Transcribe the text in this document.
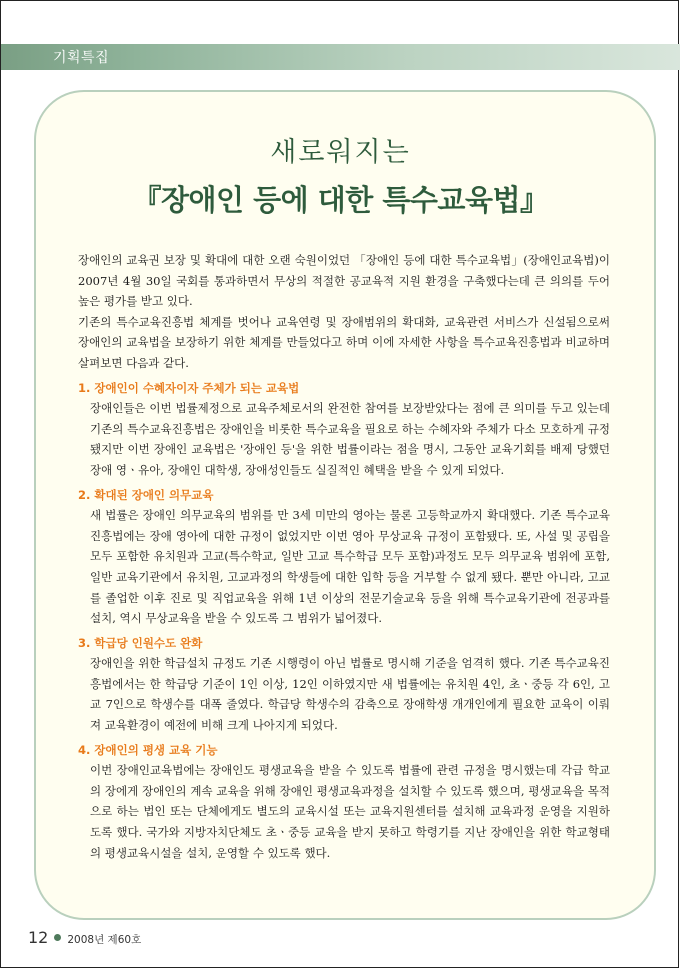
기획특집
새로워지는
『장애인 등에 대한 특수교육법』

장애인의 교육권 보장 및 확대에 대한 오랜 숙원이었던 「장애인 등에 대한 특수교육법」(장애인교육법)이 2007년 4월 30일 국회를 통과하면서 무상의 적절한 공교육적 지원 환경을 구축했다는데 큰 의의를 두어 높은 평가를 받고 있다.

기존의 특수교육진흥법 체계를 벗어나 교육연령 및 장애범위의 확대화, 교육관련 서비스가 신설됨으로써 장애인의 교육법을 보장하기 위한 체계를 만들었다고 하며 이에 자세한 사항을 특수교육진흥법과 비교하며 살펴보면 다음과 같다.

1. 장애인이 수혜자이자 주체가 되는 교육법

장애인들은 이번 법률제정으로 교육주체로서의 완전한 참여를 보장받았다는 점에 큰 의미를 두고 있는데 기존의 특수교육진흥법은 장애인을 비롯한 특수교육을 필요로 하는 수혜자와 주체가 다소 모호하게 규정됐지만 이번 장애인 교육법은 '장애인 등'을 위한 법률이라는 점을 명시, 그동안 교육기회를 배제 당했던 장애 영ㆍ유아, 장애인 대학생, 장애성인들도 실질적인 혜택을 받을 수 있게 되었다.

2. 확대된 장애인 의무교육

새 법률은 장애인 의무교육의 범위를 만 3세 미만의 영아는 물론 고등학교까지 확대했다. 기존 특수교육진흥법에는 장애 영아에 대한 규정이 없었지만 이번 영아 무상교육 규정이 포함됐다. 또, 사설 및 공립을 모두 포함한 유치원과 고교(특수학교, 일반 고교 특수학급 모두 포함)과정도 모두 의무교육 범위에 포함, 일반 교육기관에서 유치원, 고교과정의 학생들에 대한 입학 등을 거부할 수 없게 됐다. 뿐만 아니라, 고교를 졸업한 이후 진로 및 직업교육을 위해 1년 이상의 전문기술교육 등을 위해 특수교육기관에 전공과를 설치, 역시 무상교육을 받을 수 있도록 그 범위가 넓어졌다.

3. 학급당 인원수도 완화

장애인을 위한 학급설치 규정도 기존 시행령이 아닌 법률로 명시해 기준을 엄격히 했다. 기존 특수교육진흥법에서는 한 학급당 기준이 1인 이상, 12인 이하였지만 새 법률에는 유치원 4인, 초ㆍ중등 각 6인, 고교 7인으로 학생수를 대폭 줄였다. 학급당 학생수의 감축으로 장애학생 개개인에게 필요한 교육이 이뤄져 교육환경이 예전에 비해 크게 나아지게 되었다.

4. 장애인의 평생 교육 기능

이번 장애인교육법에는 장애인도 평생교육을 받을 수 있도록 법률에 관련 규정을 명시했는데 각급 학교의 장에게 장애인의 계속 교육을 위해 장애인 평생교육과정을 설치할 수 있도록 했으며, 평생교육을 목적으로 하는 법인 또는 단체에게도 별도의 교육시설 또는 교육지원센터를 설치해 교육과정 운영을 지원하도록 했다. 국가와 지방자치단체도 초ㆍ중등 교육을 받지 못하고 학령기를 지난 장애인을 위한 학교형태의 평생교육시설을 설치, 운영할 수 있도록 했다.

12 2008년 제60호
